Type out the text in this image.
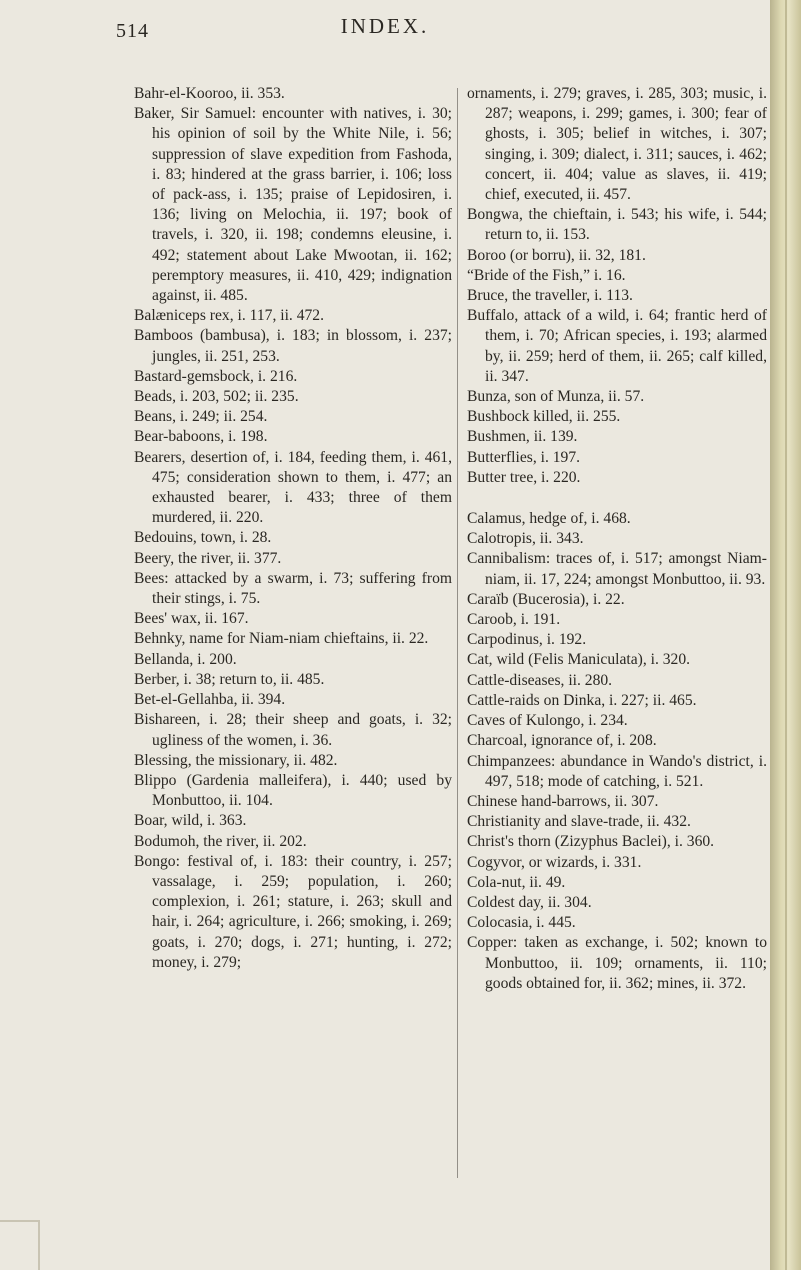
514	INDEX.
Bahr-el-Kooroo, ii. 353.
Baker, Sir Samuel: encounter with natives, i. 30; his opinion of soil by the White Nile, i. 56; suppression of slave expedition from Fashoda, i. 83; hindered at the grass barrier, i. 106; loss of pack-ass, i. 135; praise of Lepidosiren, i. 136; living on Melochia, ii. 197; book of travels, i. 320, ii. 198; condemns eleusine, i. 492; statement about Lake Mwootan, ii. 162; peremptory measures, ii. 410, 429; indignation against, ii. 485.
Balæniceps rex, i. 117, ii. 472.
Bamboos (bambusa), i. 183; in blossom, i. 237; jungles, ii. 251, 253.
Bastard-gemsbock, i. 216.
Beads, i. 203, 502; ii. 235.
Beans, i. 249; ii. 254.
Bear-baboons, i. 198.
Bearers, desertion of, i. 184, feeding them, i. 461, 475; consideration shown to them, i. 477; an exhausted bearer, i. 433; three of them murdered, ii. 220.
Bedouins, town, i. 28.
Beery, the river, ii. 377.
Bees: attacked by a swarm, i. 73; suffering from their stings, i. 75.
Bees' wax, ii. 167.
Behnky, name for Niam-niam chieftains, ii. 22.
Bellanda, i. 200.
Berber, i. 38; return to, ii. 485.
Bet-el-Gellahba, ii. 394.
Bishareen, i. 28; their sheep and goats, i. 32; ugliness of the women, i. 36.
Blessing, the missionary, ii. 482.
Blippo (Gardenia malleifera), i. 440; used by Monbuttoo, ii. 104.
Boar, wild, i. 363.
Bodumoh, the river, ii. 202.
Bongo: festival of, i. 183: their country, i. 257; vassalage, i. 259; population, i. 260; complexion, i. 261; stature, i. 263; skull and hair, i. 264; agriculture, i. 266; smoking, i. 269; goats, i. 270; dogs, i. 271; hunting, i. 272; money, i. 279;
ornaments, i. 279; graves, i. 285, 303; music, i. 287; weapons, i. 299; games, i. 300; fear of ghosts, i. 305; belief in witches, i. 307; singing, i. 309; dialect, i. 311; sauces, i. 462; concert, ii. 404; value as slaves, ii. 419; chief, executed, ii. 457.
Bongwa, the chieftain, i. 543; his wife, i. 544; return to, ii. 153.
Boroo (or borru), ii. 32, 181.
“Bride of the Fish,” i. 16.
Bruce, the traveller, i. 113.
Buffalo, attack of a wild, i. 64; frantic herd of them, i. 70; African species, i. 193; alarmed by, ii. 259; herd of them, ii. 265; calf killed, ii. 347.
Bunza, son of Munza, ii. 57.
Bushbock killed, ii. 255.
Bushmen, ii. 139.
Butterflies, i. 197.
Butter tree, i. 220.
Calamus, hedge of, i. 468.
Calotropis, ii. 343.
Cannibalism: traces of, i. 517; amongst Niam-niam, ii. 17, 224; amongst Monbuttoo, ii. 93.
Caraïb (Bucerosia), i. 22.
Caroob, i. 191.
Carpodinus, i. 192.
Cat, wild (Felis Maniculata), i. 320.
Cattle-diseases, ii. 280.
Cattle-raids on Dinka, i. 227; ii. 465.
Caves of Kulongo, i. 234.
Charcoal, ignorance of, i. 208.
Chimpanzees: abundance in Wando's district, i. 497, 518; mode of catching, i. 521.
Chinese hand-barrows, ii. 307.
Christianity and slave-trade, ii. 432.
Christ's thorn (Zizyphus Baclei), i. 360.
Cogyvor, or wizards, i. 331.
Cola-nut, ii. 49.
Coldest day, ii. 304.
Colocasia, i. 445.
Copper: taken as exchange, i. 502; known to Monbuttoo, ii. 109; ornaments, ii. 110; goods obtained for, ii. 362; mines, ii. 372.
